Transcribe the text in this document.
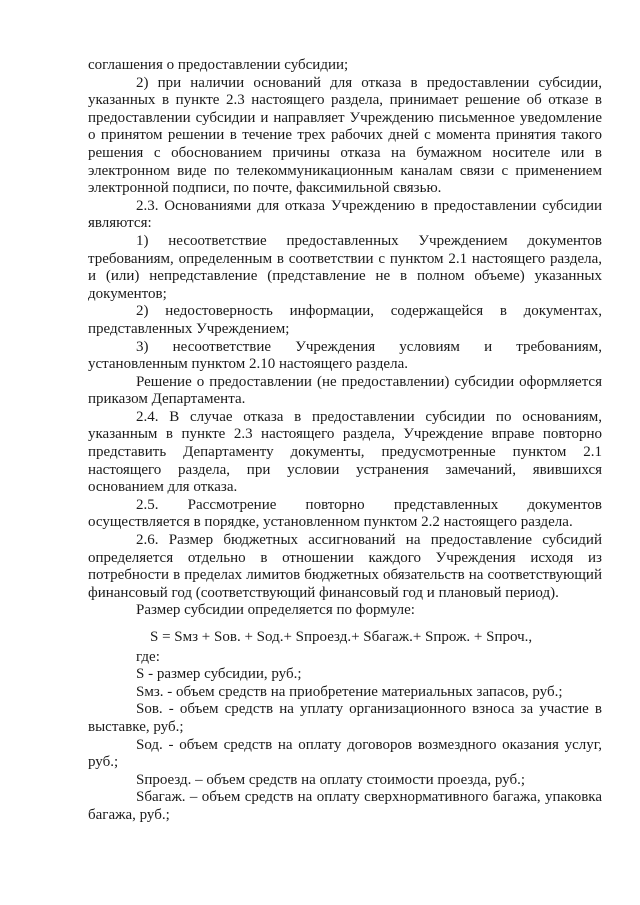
соглашения о предоставлении субсидии;

2) при наличии оснований для отказа в предоставлении субсидии, указанных в пункте 2.3 настоящего раздела, принимает решение об отказе в предоставлении субсидии и направляет Учреждению письменное уведомление о принятом решении в течение трех рабочих дней с момента принятия такого решения с обоснованием причины отказа на бумажном носителе или в электронном виде по телекоммуникационным каналам связи с применением электронной подписи, по почте, факсимильной связью.

2.3. Основаниями для отказа Учреждению в предоставлении субсидии являются:

1) несоответствие предоставленных Учреждением документов требованиям, определенным в соответствии с пунктом 2.1 настоящего раздела, и (или) непредставление (представление не в полном объеме) указанных документов;

2) недостоверность информации, содержащейся в документах, представленных Учреждением;

3) несоответствие Учреждения условиям и требованиям, установленным пунктом 2.10 настоящего раздела.

Решение о предоставлении (не предоставлении) субсидии оформляется приказом Департамента.

2.4. В случае отказа в предоставлении субсидии по основаниям, указанным в пункте 2.3 настоящего раздела, Учреждение вправе повторно представить Департаменту документы, предусмотренные пунктом 2.1 настоящего раздела, при условии устранения замечаний, явившихся основанием для отказа.

2.5. Рассмотрение повторно представленных документов осуществляется в порядке, установленном пунктом 2.2 настоящего раздела.

2.6. Размер бюджетных ассигнований на предоставление субсидий определяется отдельно в отношении каждого Учреждения исходя из потребности в пределах лимитов бюджетных обязательств на соответствующий финансовый год (соответствующий финансовый год и плановый период).

Размер субсидии определяется по формуле:

S = Sмз + Sов. + Sод.+ Sпроезд.+ Sбагаж.+ Sпрож. + Sпроч.,

где:

S - размер субсидии, руб.;

Sмз. - объем средств на приобретение материальных запасов, руб.;

Sов. - объем средств на уплату организационного взноса за участие в выставке, руб.;

Sод. - объем средств на оплату договоров возмездного оказания услуг, руб.;

Sпроезд. – объем средств на оплату стоимости проезда, руб.;

Sбагаж. – объем средств на оплату сверхнормативного багажа, упаковка багажа, руб.;
